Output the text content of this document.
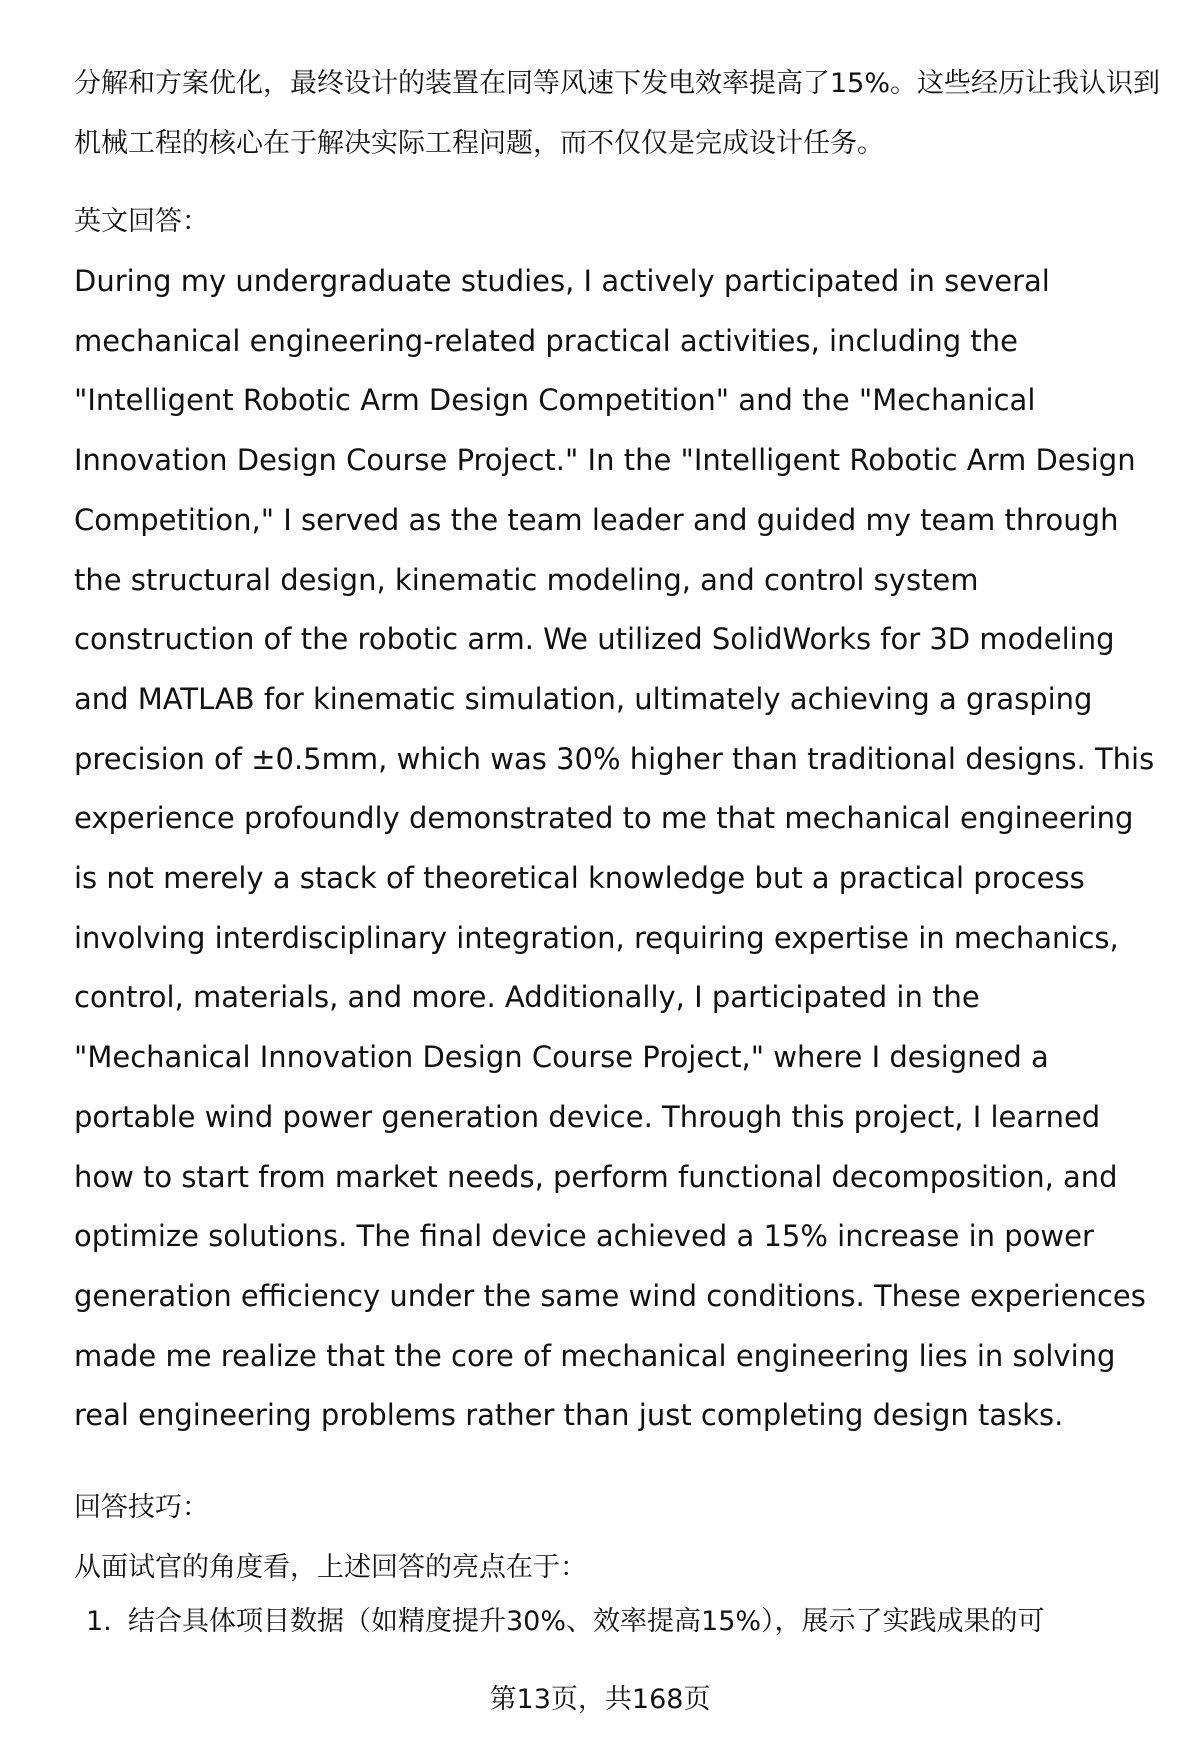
分解和方案优化，最终设计的装置在同等风速下发电效率提高了15%。这些经历让我认识到机械工程的核心在于解决实际工程问题，而不仅仅是完成设计任务。

英文回答：

During my undergraduate studies, I actively participated in several mechanical engineering-related practical activities, including the "Intelligent Robotic Arm Design Competition" and the "Mechanical Innovation Design Course Project." In the "Intelligent Robotic Arm Design Competition," I served as the team leader and guided my team through the structural design, kinematic modeling, and control system construction of the robotic arm. We utilized SolidWorks for 3D modeling and MATLAB for kinematic simulation, ultimately achieving a grasping precision of ±0.5mm, which was 30% higher than traditional designs. This experience profoundly demonstrated to me that mechanical engineering is not merely a stack of theoretical knowledge but a practical process involving interdisciplinary integration, requiring expertise in mechanics, control, materials, and more. Additionally, I participated in the "Mechanical Innovation Design Course Project," where I designed a portable wind power generation device. Through this project, I learned how to start from market needs, perform functional decomposition, and optimize solutions. The final device achieved a 15% increase in power generation efficiency under the same wind conditions. These experiences made me realize that the core of mechanical engineering lies in solving real engineering problems rather than just completing design tasks.

回答技巧：

从面试官的角度看，上述回答的亮点在于：

1. 结合具体项目数据（如精度提升30%、效率提高15%），展示了实践成果的可
第13页，共168页
